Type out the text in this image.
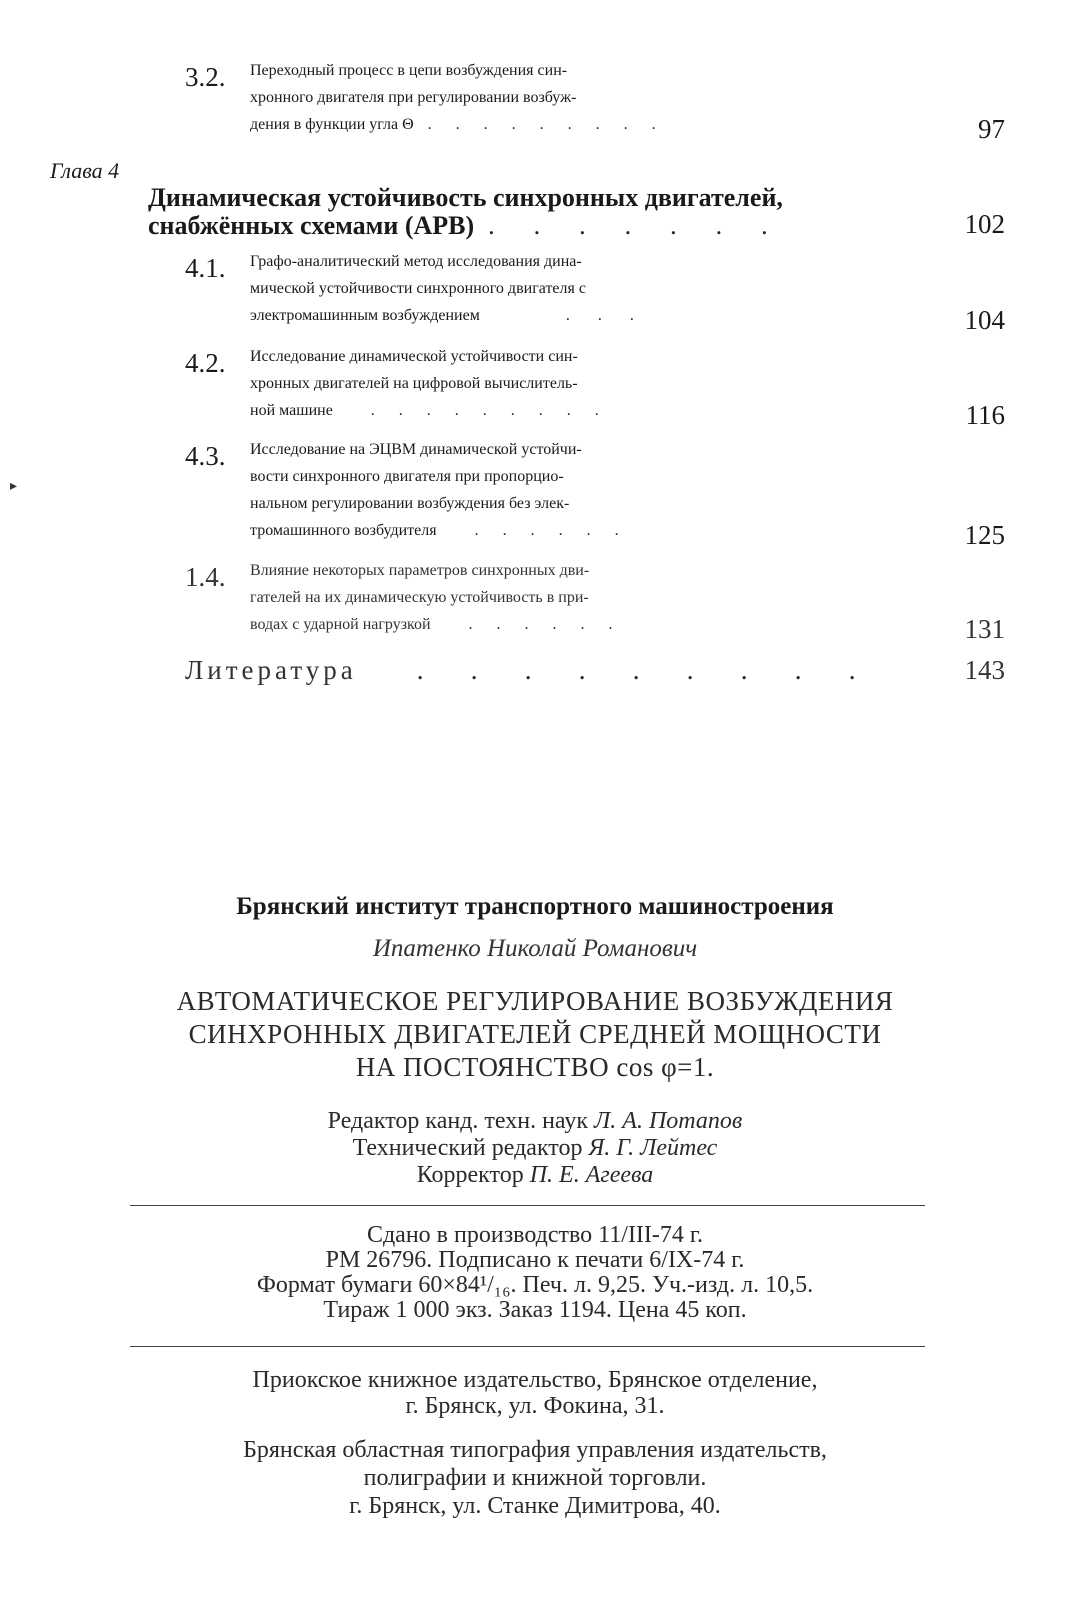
3.2. Переходный процесс в цепи возбуждения син-
хронного двигателя при регулировании возбуж-
дения в функции угла Θ .      .      .      .      .      .      .      .      .	97
Глава 4
Динамическая устойчивость синхронных двигателей,
снабжённых схемами (АРВ) .      .      .      .      .      .      .	102
4.1. Графо-аналитический метод исследования дина-
мической устойчивости синхронного двигателя с
электромашинным возбуждением .       .       .	104
4.2. Исследование динамической устойчивости син-
хронных двигателей на цифровой вычислитель-
ной машине .      .      .      .      .      .      .      .      .	116
4.3. Исследование на ЭЦВМ динамической устойчи-
вости синхронного двигателя при пропорцио-
нальном регулировании возбуждения без элек-
тромашинного возбудителя .      .      .      .      .      .	125
1.4. Влияние некоторых параметров синхронных дви-
гателей на их динамическую устойчивость в при-
водах с ударной нагрузкой .      .      .      .      .      .	131
Литература	.       .       .       .       .       .       .       .       .	143
▸
Брянский институт транспортного машиностроения
Ипатенко Николай Романович
АВТОМАТИЧЕСКОЕ РЕГУЛИРОВАНИЕ ВОЗБУЖДЕНИЯ
СИНХРОННЫХ ДВИГАТЕЛЕЙ СРЕДНЕЙ МОЩНОСТИ
НА ПОСТОЯНСТВО cos φ=1.
Редактор канд. техн. наук Л. А. Потапов
Технический редактор Я. Г. Лейтес
Корректор П. Е. Агеева
Сдано в производство 11/III-74 г.
РМ 26796. Подписано к печати 6/IX-74 г.
Формат бумаги 60×84¹/₁₆. Печ. л. 9,25. Уч.-изд. л. 10,5.
Тираж 1 000 экз. Заказ 1194. Цена 45 коп.
Приокское книжное издательство, Брянское отделение,
г. Брянск, ул. Фокина, 31.
Брянская областная типография управления издательств,
полиграфии и книжной торговли.
г. Брянск, ул. Станке Димитрова, 40.
